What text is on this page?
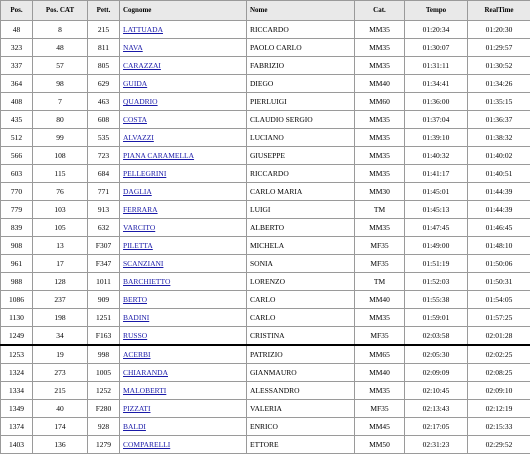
Pos.	Pos. CAT	Pett.	Cognome	Nome	Cat.	Tempo	RealTime
48	8	215	LATTUADA	RICCARDO	MM35	01:20:34	01:20:30
323	48	811	NAVA	PAOLO CARLO	MM35	01:30:07	01:29:57
337	57	805	CARAZZAI	FABRIZIO	MM35	01:31:11	01:30:52
364	98	629	GUIDA	DIEGO	MM40	01:34:41	01:34:26
408	7	463	QUADRIO	PIERLUIGI	MM60	01:36:00	01:35:15
435	80	608	COSTA	CLAUDIO SERGIO	MM35	01:37:04	01:36:37
512	99	535	ALVAZZI	LUCIANO	MM35	01:39:10	01:38:32
566	108	723	PIANA CARAMELLA	GIUSEPPE	MM35	01:40:32	01:40:02
603	115	684	PELLEGRINI	RICCARDO	MM35	01:41:17	01:40:51
770	76	771	DAGLIA	CARLO MARIA	MM30	01:45:01	01:44:39
779	103	913	FERRARA	LUIGI	TM	01:45:13	01:44:39
839	105	632	VARCITO	ALBERTO	MM35	01:47:45	01:46:45
908	13	F307	PILETTA	MICHELA	MF35	01:49:00	01:48:10
961	17	F347	SCANZIANI	SONIA	MF35	01:51:19	01:50:06
988	128	1011	BARCHIETTO	LORENZO	TM	01:52:03	01:50:31
1086	237	909	BERTO	CARLO	MM40	01:55:38	01:54:05
1130	198	1251	BADINI	CARLO	MM35	01:59:01	01:57:25
1249	34	F163	RUSSO	CRISTINA	MF35	02:03:58	02:01:28
1253	19	998	ACERBI	PATRIZIO	MM65	02:05:30	02:02:25
1324	273	1005	CHIARANDA	GIANMAURO	MM40	02:09:09	02:08:25
1334	215	1252	MALOBERTI	ALESSANDRO	MM35	02:10:45	02:09:10
1349	40	F280	PIZZATI	VALERIA	MF35	02:13:43	02:12:19
1374	174	928	BALDI	ENRICO	MM45	02:17:05	02:15:33
1403	136	1279	COMPARELLI	ETTORE	MM50	02:31:23	02:29:52
